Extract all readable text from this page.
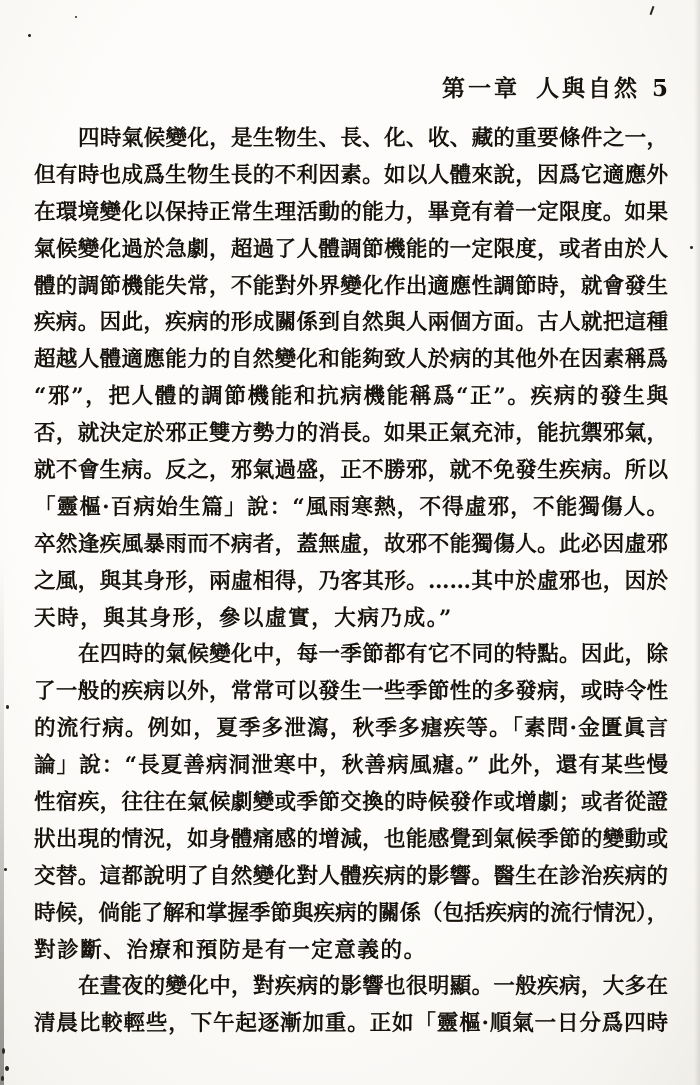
第一章 人與自然 5
四時氣候變化，是生物生、長、化、收、藏的重要條件之一，
但有時也成爲生物生長的不利因素。如以人體來說，因爲它適應外
在環境變化以保持正常生理活動的能力，畢竟有着一定限度。如果
氣候變化過於急劇，超過了人體調節機能的一定限度，或者由於人
體的調節機能失常，不能對外界變化作出適應性調節時，就會發生
疾病。因此，疾病的形成關係到自然與人兩個方面。古人就把這種
超越人體適應能力的自然變化和能夠致人於病的其他外在因素稱爲
“邪”，把人體的調節機能和抗病機能稱爲“正”。疾病的發生與
否，就決定於邪正雙方勢力的消長。如果正氣充沛，能抗禦邪氣，
就不會生病。反之，邪氣過盛，正不勝邪，就不免發生疾病。所以
「靈樞·百病始生篇」說：“風雨寒熱，不得虛邪，不能獨傷人。
卒然逢疾風暴雨而不病者，蓋無虛，故邪不能獨傷人。此必因虛邪
之風，與其身形，兩虛相得，乃客其形。……其中於虛邪也，因於
天時，與其身形，參以虛實，大病乃成。”
在四時的氣候變化中，每一季節都有它不同的特點。因此，除
了一般的疾病以外，常常可以發生一些季節性的多發病，或時令性
的流行病。例如，夏季多泄瀉，秋季多瘧疾等。「素問·金匱眞言
論」說：“長夏善病洞泄寒中，秋善病風瘧。” 此外，還有某些慢
性宿疾，往往在氣候劇變或季節交換的時候發作或增劇；或者從證
狀出現的情況，如身體痛感的增減，也能感覺到氣候季節的變動或
交替。這都說明了自然變化對人體疾病的影響。醫生在診治疾病的
時候，倘能了解和掌握季節與疾病的關係（包括疾病的流行情況），
對診斷、治療和預防是有一定意義的。
在晝夜的變化中，對疾病的影響也很明顯。一般疾病，大多在
清晨比較輕些，下午起逐漸加重。正如「靈樞·順氣一日分爲四時
